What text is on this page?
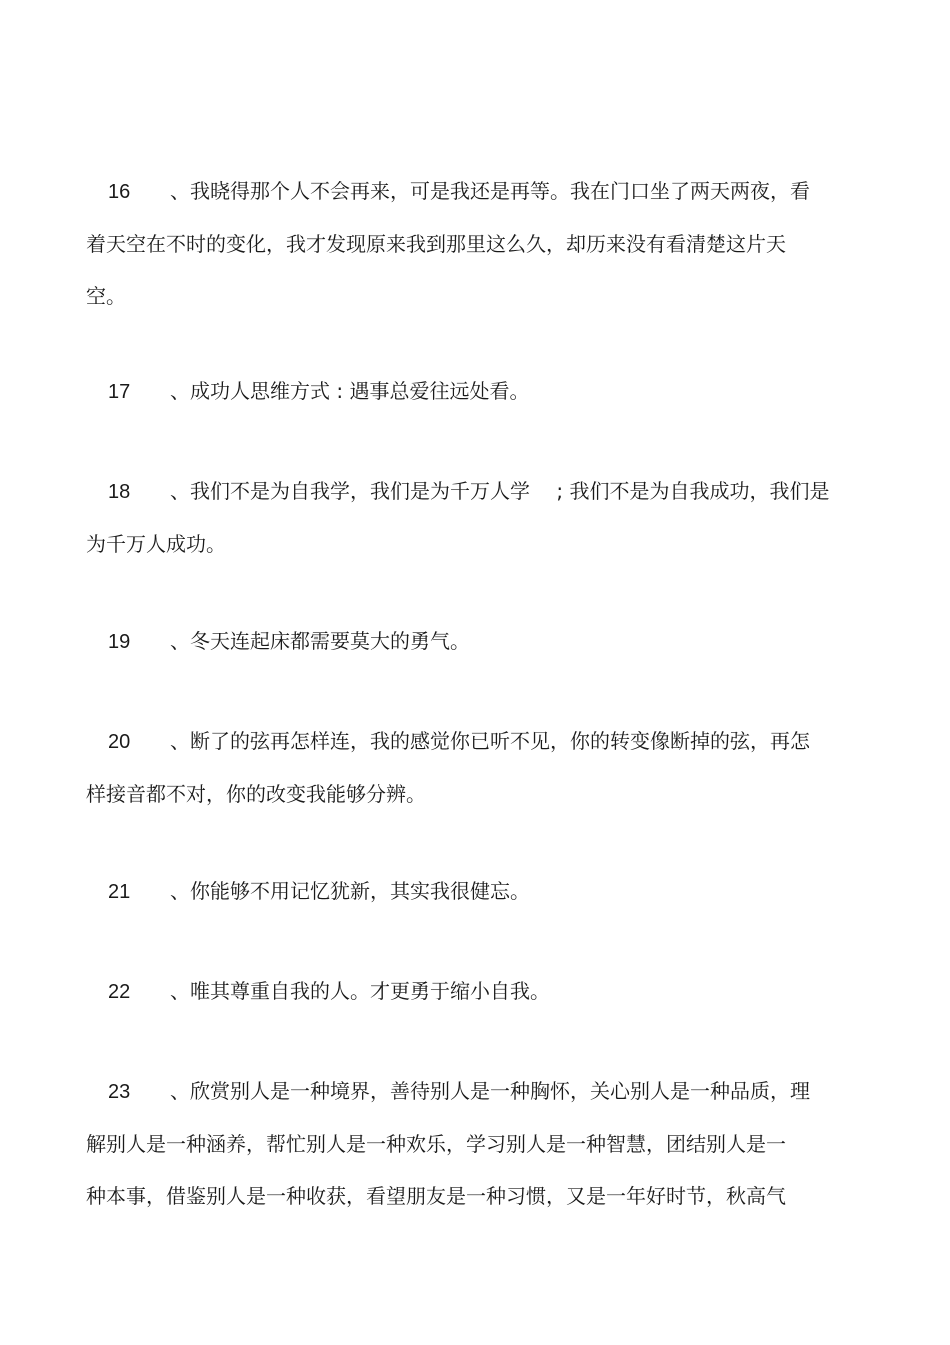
16 、我晓得那个人不会再来，可是我还是再等。我在门口坐了两天两夜，看
着天空在不时的变化，我才发现原来我到那里这么久，却历来没有看清楚这片天
空。
17 、成功人思维方式 : 遇事总爱往远处看。
18 、我们不是为自我学，我们是为千万人学　 ; 我们不是为自我成功，我们是
为千万人成功。
19 、冬天连起床都需要莫大的勇气。
20 、断了的弦再怎样连，我的感觉你已听不见，你的转变像断掉的弦，再怎
样接音都不对，你的改变我能够分辨。
21 、你能够不用记忆犹新，其实我很健忘。
22 、唯其尊重自我的人。才更勇于缩小自我。
23 、欣赏别人是一种境界，善待别人是一种胸怀，关心别人是一种品质，理
解别人是一种涵养，帮忙别人是一种欢乐，学习别人是一种智慧，团结别人是一
种本事，借鉴别人是一种收获，看望朋友是一种习惯，又是一年好时节，秋高气
